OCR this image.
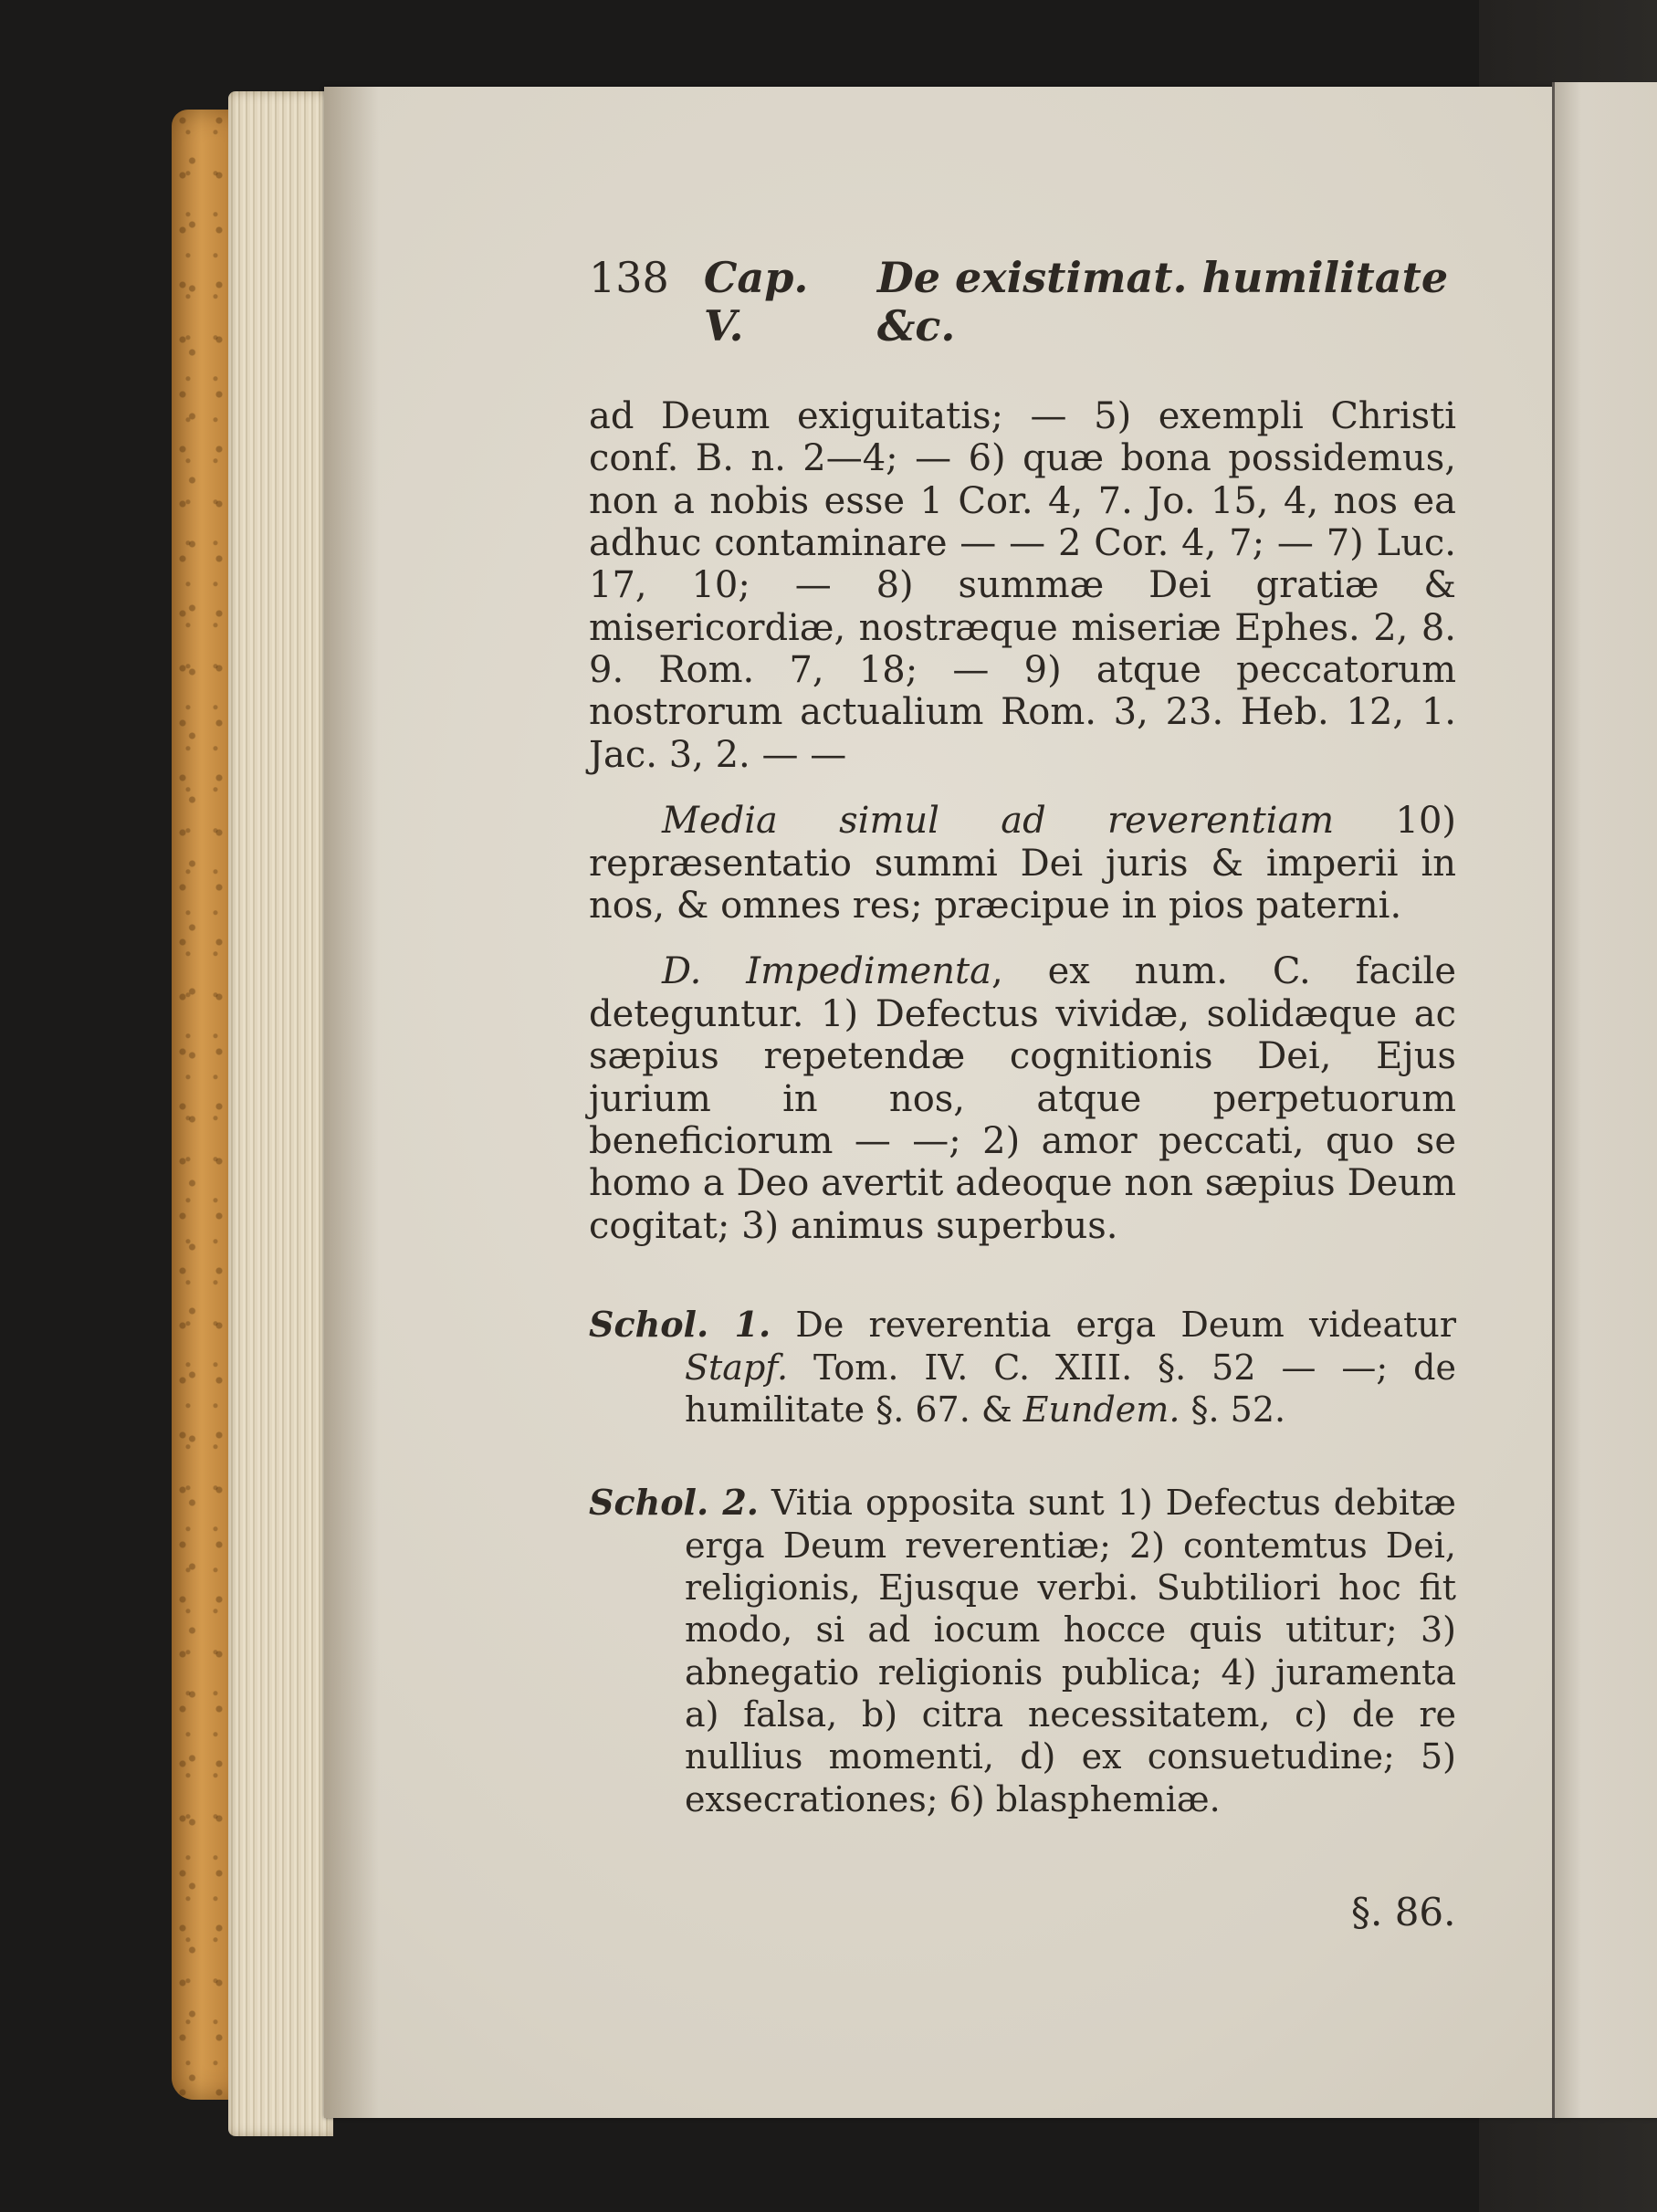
138 Cap. V.
De existimat. humilitate &c.

ad Deum exiguitatis; — 5) exempli Christi conf. B. n. 2—4; — 6) quæ bona possidemus, non a nobis esse 1 Cor. 4, 7. Jo. 15, 4, nos ea adhuc contaminare — — 2 Cor. 4, 7; — 7) Luc. 17, 10; — 8) summæ Dei gratiæ & misericordiæ, nostræque miseriæ Ephes. 2, 8. 9. Rom. 7, 18; — 9) atque peccatorum nostrorum actualium Rom. 3, 23. Heb. 12, 1. Jac. 3, 2. — —

Media simul ad reverentiam 10) repræsentatio summi Dei juris & imperii in nos, & omnes res; præcipue in pios paterni.

D. Impedimenta, ex num. C. facile deteguntur. 1) Defectus vividæ, solidæque ac sæpius repetendæ cognitionis Dei, Ejus jurium in nos, atque perpetuorum beneficiorum — —; 2) amor peccati, quo se homo a Deo avertit adeoque non sæpius Deum cogitat; 3) animus superbus.

Schol. 1. De reverentia erga Deum videatur Stapf. Tom. IV. C. XIII. §. 52 — —; de humilitate §. 67. & Eundem. §. 52.

Schol. 2. Vitia opposita sunt 1) Defectus debitæ erga Deum reverentiæ; 2) contemtus Dei, religionis, Ejusque verbi. Subtiliori hoc fit modo, si ad iocum hocce quis utitur; 3) abnegatio religionis publica; 4) juramenta a) falsa, b) citra necessitatem, c) de re nullius momenti, d) ex consuetudine; 5) exsecrationes; 6) blasphemiæ.

§. 86.
